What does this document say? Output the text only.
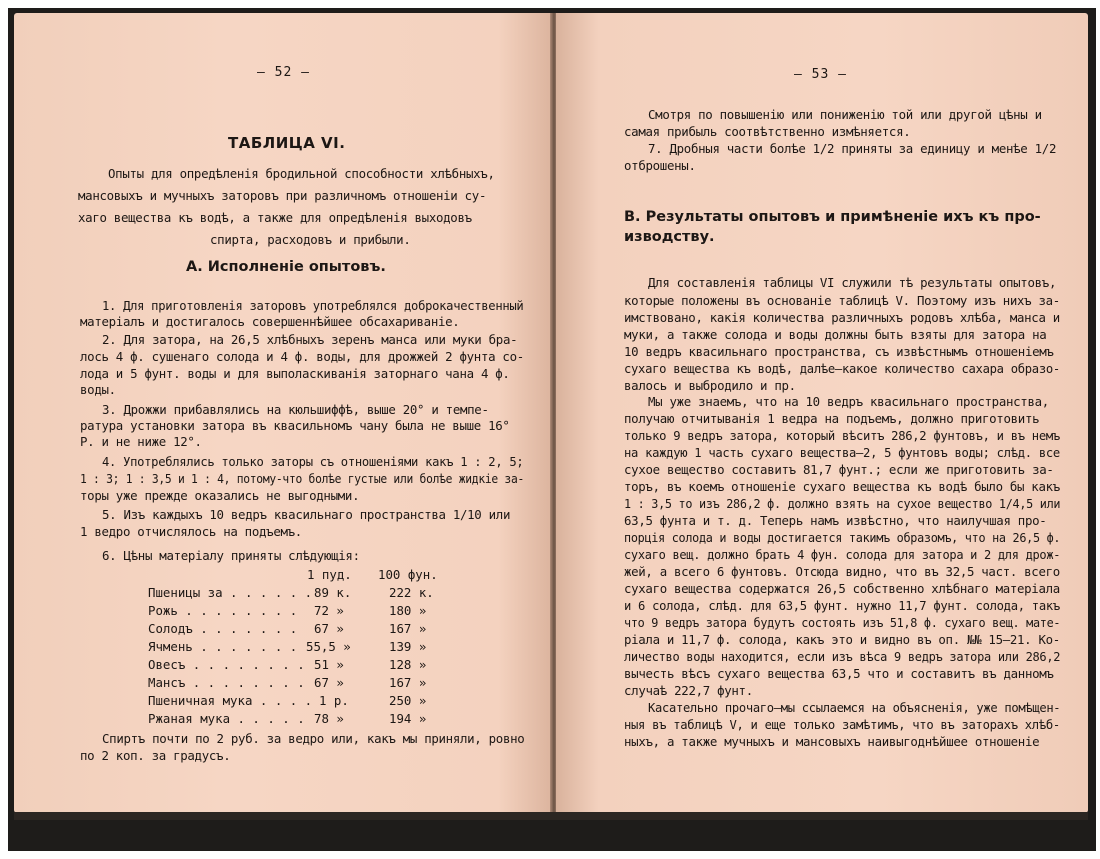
— 52 —
ТАБЛИЦА VI.
Опыты для опредѣленія бродильной способности хлѣбныхъ,
мансовыхъ и мучныхъ заторовъ при различномъ отношеніи су-
хаго вещества къ водѣ, а также для опредѣленія выходовъ
спирта, расходовъ и прибыли.
А. Исполненіе опытовъ.
1. Для приготовленія заторовъ употреблялся доброкачественный
матеріалъ и достигалось совершеннѣйшее обсахариваніе.
2. Для затора, на 26,5 хлѣбныхъ зеренъ манса или муки бра-
лось 4 ф. сушенаго солода и 4 ф. воды, для дрожжей 2 фунта со-
лода и 5 фунт. воды и для выполаскиванія заторнаго чана 4 ф.
воды.
3. Дрожжи прибавлялись на кюльшиффѣ, выше 20° и темпе-
ратура установки затора въ квасильномъ чану была не выше 16°
Р. и не ниже 12°.
4. Употреблялись только заторы съ отношеніями какъ 1 : 2, 5;
1 : 3; 1 : 3,5 и 1 : 4, потому-что болѣе густые или болѣе жидкіе за-
торы уже прежде оказались не выгодными.
5. Изъ каждыхъ 10 ведръ квасильнаго пространства 1/10 или
1 ведро отчислялось на подъемъ.
6. Цѣны матеріалу приняты слѣдующія:
1 пуд. 100 фун.
Пшеницы за . . . . . . 89 к.	222 к.
Рожь . . . . . . . . 72 »	180 »
Солодъ . . . . . . . 67 »	167 »
Ячмень . . . . . . . 55,5 »	139 »
Овесъ . . . . . . . . 51 »	128 »
Мансъ . . . . . . . . 67 »	167 »
Пшеничная мука . . . . 1 р.	250 »
Ржаная мука . . . . . 78 »	194 »
Спиртъ почти по 2 руб. за ведро или, какъ мы приняли, ровно
по 2 коп. за градусъ.
— 53 —
Смотря по повышенію или пониженію той или другой цѣны и
самая прибыль соотвѣтственно измѣняется.
7. Дробныя части болѣе 1/2 приняты за единицу и менѣе 1/2
отброшены.
В. Результаты опытовъ и примѣненіе ихъ къ про-
изводству.
Для составленія таблицы VI служили тѣ результаты опытовъ,
которые положены въ основаніе таблицѣ V. Поэтому изъ нихъ за-
имствовано, какія количества различныхъ родовъ хлѣба, манса и
муки, а также солода и воды должны быть взяты для затора на
10 ведръ квасильнаго пространства, съ извѣстнымъ отношеніемъ
сухаго вещества къ водѣ, далѣе—какое количество сахара образо-
валось и выбродило и пр.
Мы уже знаемъ, что на 10 ведръ квасильнаго пространства,
получаю отчитыванія 1 ведра на подъемъ, должно приготовить
только 9 ведръ затора, который вѣситъ 286,2 фунтовъ, и въ немъ
на каждую 1 часть сухаго вещества—2, 5 фунтовъ воды; слѣд. все
сухое вещество составитъ 81,7 фунт.; если же приготовить за-
торъ, въ коемъ отношеніе сухаго вещества къ водѣ было бы какъ
1 : 3,5 то изъ 286,2 ф. должно взять на сухое вещество 1/4,5 или
63,5 фунта и т. д. Теперь намъ извѣстно, что наилучшая про-
порція солода и воды достигается такимъ образомъ, что на 26,5 ф.
сухаго вещ. должно брать 4 фун. солода для затора и 2 для дрож-
жей, а всего 6 фунтовъ. Отсюда видно, что въ 32,5 част. всего
сухаго вещества содержатся 26,5 собственно хлѣбнаго матеріала
и 6 солода, слѣд. для 63,5 фунт. нужно 11,7 фунт. солода, такъ
что 9 ведръ затора будутъ состоять изъ 51,8 ф. сухаго вещ. мате-
ріала и 11,7 ф. солода, какъ это и видно въ оп. №№ 15—21. Ко-
личество воды находится, если изъ вѣса 9 ведръ затора или 286,2
вычесть вѣсъ сухаго вещества 63,5 что и составитъ въ данномъ
случаѣ 222,7 фунт.
Касательно прочаго—мы ссылаемся на объясненія, уже помѣщен-
ныя въ таблицѣ V, и еще только замѣтимъ, что въ заторахъ хлѣб-
ныхъ, а также мучныхъ и мансовыхъ наивыгоднѣйшее отношеніе
